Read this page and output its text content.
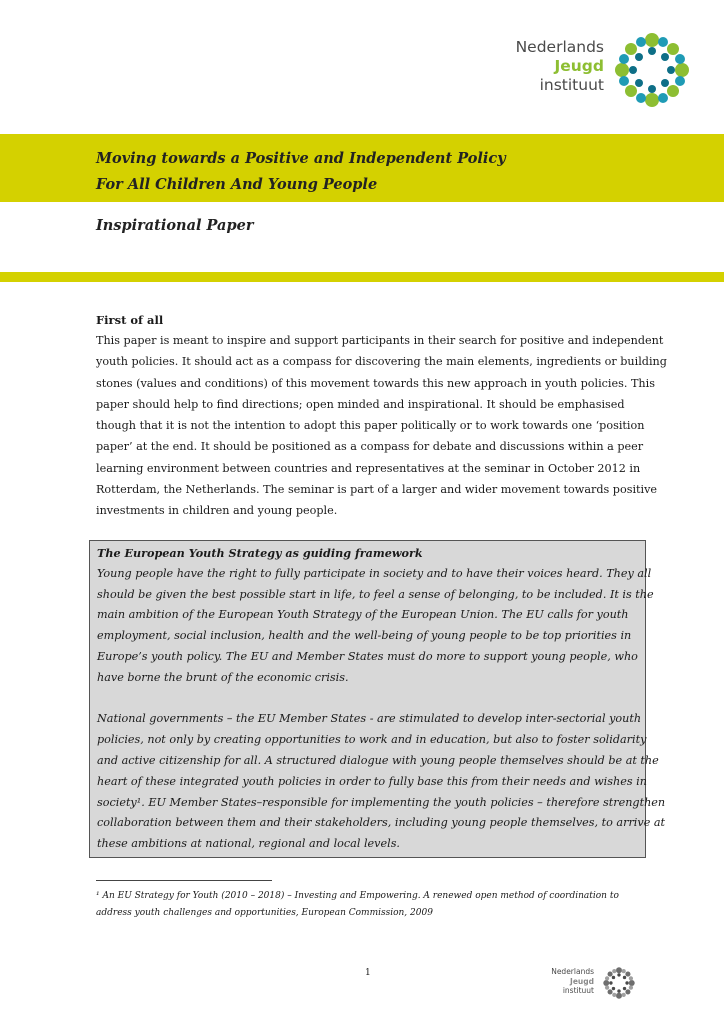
Nederlands
Jeugd
instituut
Moving towards a Positive and Independent Policy
For All Children And Young People
Inspirational Paper
First of all
This paper is meant to inspire and support participants in their search for positive and independent
youth policies. It should act as a compass for discovering the main elements, ingredients or building
stones (values and conditions) of this movement towards this new approach in youth policies. This
paper should help to find directions; open minded and inspirational. It should be emphasised
though that it is not the intention to adopt this paper politically or to work towards one ‘position
paper’ at the end. It should be positioned as a compass for debate and discussions within a peer
learning environment between countries and representatives at the seminar in October 2012 in
Rotterdam, the Netherlands. The seminar is part of a larger and wider movement towards positive
investments in children and young people.
The European Youth Strategy as guiding framework
Young people have the right to fully participate in society and to have their voices heard. They all
should be given the best possible start in life, to feel a sense of belonging, to be included. It is the
main ambition of the European Youth Strategy of the European Union. The EU calls for youth
employment, social inclusion, health and the well-being of young people to be top priorities in
Europe’s youth policy. The EU and Member States must do more to support young people, who
have borne the brunt of the economic crisis.
National governments – the EU Member States - are stimulated to develop inter-sectorial youth
policies, not only by creating opportunities to work and in education, but also to foster solidarity
and active citizenship for all. A structured dialogue with young people themselves should be at the
heart of these integrated youth policies in order to fully base this from their needs and wishes in
society¹. EU Member States–responsible for implementing the youth policies – therefore strengthen
collaboration between them and their stakeholders, including young people themselves, to arrive at
these ambitions at national, regional and local levels.
¹ An EU Strategy for Youth (2010 – 2018) – Investing and Empowering. A renewed open method of coordination to
address youth challenges and opportunities, European Commission, 2009
1	Nederlands
Jeugd
instituut
